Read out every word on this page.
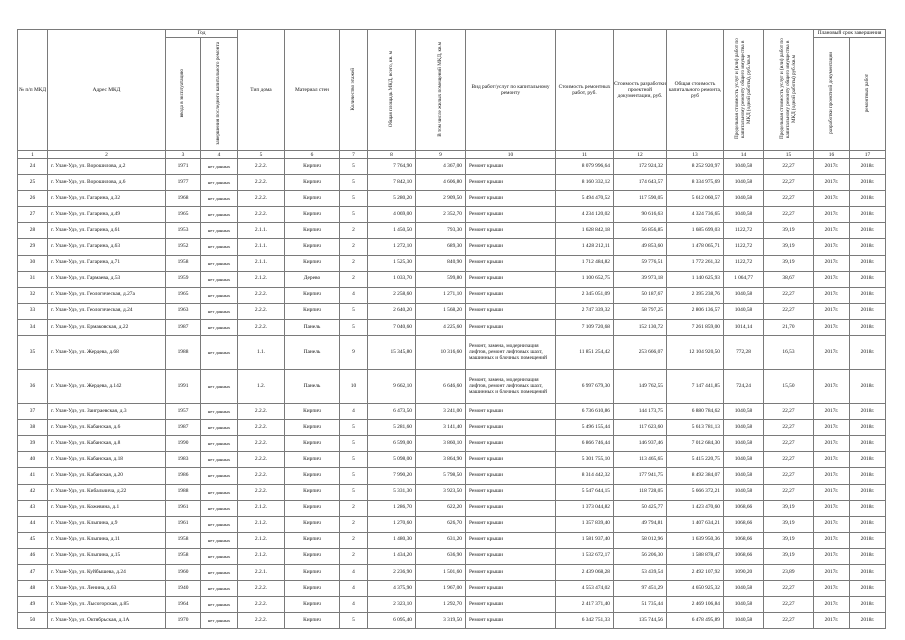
№ п/п МКД	Адрес МКД	Год		Тип дома	Материал стен	Количество этажей	Общая площадь МКД, всего, кв. м	В том числе жилых помещений МКД, кв.м	Вид работ/услуг по капитальному ремонту	Стоимость ремонтных работ, руб.	Стоимость разработки проектной документации, руб.	Общая стоимость капитального ремонта, руб	Предельная стоимость услуг и (или) работ по капитальному ремонту общего имущества в МКД (одной работы), руб./кв.м	Предельная стоимость услуг и (или) работ по капитальному ремонту общего имущества в МКД (одной работы) руб./кв.м	Плановый срок завершения	
		ввода в эксплуатацию	завершения последнего капитального ремонта												разработки проектной документации	ремонтных работ
1	2	3	4	5	6	7	8	9	10	11	12	13	14	15	16	17
24	г. Улан-Удэ, ул. Ворошилова, д.2	1971	нет данных	2.2.2.	Кирпич	5	7 764,90	4 367,00	Ремонт крыши	8 079 996,64	172 924,32	8 252 920,97	1040,58	22,27	2017г.	2018г.
25	г. Улан-Удэ, ул. Ворошилова, д.6	1977	нет данных	2.2.2.	Кирпич	5	7 842,10	4 606,80	Ремонт крыши	8 160 332,12	174 643,57	8 334 975,69	1040,58	22,27	2017г.	2018г.
26	г. Улан-Удэ, ул. Гагарина, д.32	1968	нет данных	2.2.2.	Кирпич	5	5 280,20	2 909,50	Ремонт крыши	5 494 470,52	117 590,05	5 612 060,57	1040,58	22,27	2017г.	2018г.
27	г. Улан-Удэ, ул. Гагарина, д.49	1965	нет данных	2.2.2.	Кирпич	5	4 069,00	2 352,70	Ремонт крыши	4 234 120,02	90 616,63	4 324 736,65	1040,58	22,27	2017г.	2018г.
28	г. Улан-Удэ, ул. Гагарина, д.61	1953	нет данных	2.1.1.	Кирпич	2	1 450,50	793,30	Ремонт крыши	1 628 842,18	56 856,85	1 685 699,03	1122,72	39,19	2017г.	2018г.
29	г. Улан-Удэ, ул. Гагарина, д.63	1952	нет данных	2.1.1.	Кирпич	2	1 272,10	689,30	Ремонт крыши	1 428 212,11	49 853,60	1 478 065,71	1122,72	39,19	2017г.	2018г.
30	г. Улан-Удэ, ул. Гагарина, д.71	1958	нет данных	2.1.1.	Кирпич	2	1 525,30	840,90	Ремонт крыши	1 712 484,82	59 776,51	1 772 261,32	1122,72	39,19	2017г.	2018г.
31	г. Улан-Удэ, ул. Гармаева, д.53	1959	нет данных	2.1.2.	Дерево	2	1 033,70	599,80	Ремонт крыши	1 100 652,75	39 973,18	1 140 625,93	1 064,77	38,67	2017г.	2018г.
32	г. Улан-Удэ, ул. Геологическая, д.27а	1965	нет данных	2.2.2.	Кирпич	4	2 258,60	1 271,10	Ремонт крыши	2 345 051,09	50 187,67	2 395 238,76	1040,58	22,27	2017г.	2018г.
33	г. Улан-Удэ, ул. Геологическая, д.24	1963	нет данных	2.2.2.	Кирпич	5	2 640,20	1 568,20	Ремонт крыши	2 747 339,32	58 797,25	2 806 136,57	1040,58	22,27	2017г.	2018г.
34	г. Улан-Удэ, ул. Ермаковская, д.22	1987	нет данных	2.2.2.	Панель	5	7 040,60	4 225,60	Ремонт крыши	7 109 720,68	152 130,72	7 261 859,00	1014,14	21,70	2017г.	2018г.
35	г. Улан-Удэ, ул. Жердева, д.68	1988	нет данных	1.1.	Панель	9	15 345,80	10 316,60	Ремонт, замена, модернизация лифтов, ремонт лифтовых шахт, машинных и блочных помещений	11 851 254,42	253 666,07	12 104 920,50	772,28	16,53	2017г.	2018г.
36	г. Улан-Удэ, ул. Жердева, д.142	1991	нет данных	1.2.	Панель	10	9 662,10	6 646,60	Ремонт, замена, модернизация лифтов, ремонт лифтовых шахт, машинных и блочных помещений	6 997 679,30	149 762,55	7 147 441,85	724,24	15,50	2017г.	2018г.
37	г. Улан-Удэ, ул. Заиграевская, д.3	1957	нет данных	2.2.2.	Кирпич	4	6 473,50	3 241,00	Ремонт крыши	6 736 610,86	144 173,75	6 880 784,62	1040,58	22,27	2017г.	2018г.
38	г. Улан-Удэ, ул. Кабанская, д.6	1987	нет данных	2.2.2.	Кирпич	5	5 281,60	3 141,40	Ремонт крыши	5 496 155,44	117 623,60	5 613 781,13	1040,58	22,27	2017г.	2018г.
39	г. Улан-Удэ, ул. Кабанская, д.8	1990	нет данных	2.2.2.	Кирпич	5	6 599,00	3 860,10	Ремонт крыши	6 866 746,44	146 937,46	7 012 684,30	1040,58	22,27	2017г.	2018г.
40	г. Улан-Удэ, ул. Кабанская, д.18	1983	нет данных	2.2.2.	Кирпич	5	5 098,00	3 864,90	Ремонт крыши	5 301 755,10	113 465,65	5 415 220,75	1040,58	22,27	2017г.	2018г.
41	г. Улан-Удэ, ул. Кабанская, д.20	1986	нет данных	2.2.2.	Кирпич	5	7 990,20	5 798,50	Ремонт крыши	8 314 442,32	177 941,75	8 492 384,07	1040,58	22,27	2017г.	2018г.
42	г. Улан-Удэ, ул. Кибальчича, д.22	1988	нет данных	2.2.2.	Кирпич	5	5 331,30	3 923,50	Ремонт крыши	5 547 644,15	118 728,05	5 666 372,21	1040,58	22,27	2017г.	2018г.
43	г. Улан-Удэ, ул. Кожевина, д.1	1961	нет данных	2.1.2.	Кирпич	2	1 286,70	622,20	Ремонт крыши	1 373 044,82	50 425,77	1 423 470,60	1068,66	39,19	2017г.	2018г.
44	г. Улан-Удэ, ул. Клыпина, д.9	1961	нет данных	2.1.2.	Кирпич	2	1 270,60	626,70	Ремонт крыши	1 357 839,40	49 794,81	1 407 634,21	1068,66	39,19	2017г.	2018г.
45	г. Улан-Удэ, ул. Клыпина, д.11	1958	нет данных	2.1.2.	Кирпич	2	1 480,30	631,20	Ремонт крыши	1 581 937,40	58 012,96	1 639 950,36	1068,66	39,19	2017г.	2018г.
46	г. Улан-Удэ, ул. Клыпина, д.15	1958	нет данных	2.1.2.	Кирпич	2	1 434,20	636,90	Ремонт крыши	1 532 672,17	56 206,30	1 588 878,47	1068,66	39,19	2017г.	2018г.
47	г. Улан-Удэ, ул. Куйбышева, д.24	1960	нет данных	2.2.1.	Кирпич	4	2 236,90	1 501,60	Ремонт крыши	2 439 068,28	53 439,54	2 492 107,92	1090,20	23,89	2017г.	2018г.
48	г. Улан-Удэ, ул. Ленина, д.63	1940	нет данных	2.2.2.	Кирпич	4	4 375,90	1 967,00	Ремонт крыши	4 553 474,02	97 451,29	4 650 925,32	1040,58	22,27	2017г.	2018г.
49	г. Улан-Удэ, ул. Лысогорская, д.85	1964	нет данных	2.2.2.	Кирпич	4	2 323,10	1 292,70	Ремонт крыши	2 417 371,40	51 735,44	2 469 106,84	1040,58	22,27	2017г.	2018г.
50	г. Улан-Удэ, ул. Октябрьская, д.1А	1970	нет данных	2.2.2.	Кирпич	5	6 095,40	3 319,50	Ремонт крыши	6 342 751,33	135 744,56	6 478 495,89	1040,58	22,27	2017г.	2018г.
